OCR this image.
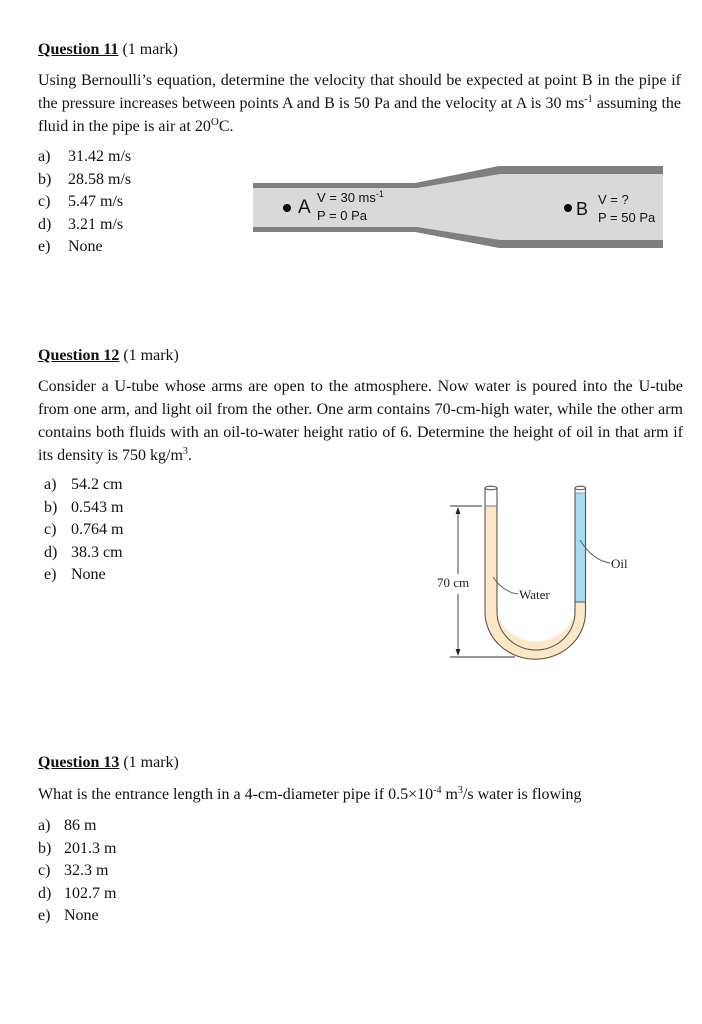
Question 11 (1 mark)
Using Bernoulli’s equation, determine the velocity that should be expected at point B in the pipe if the pressure increases between points A and B is 50 Pa and the velocity at A is 30 $ms^{-1}$ assuming the fluid in the pipe is air at $20^OC$.
a) 31.42 m/s
b) 28.58 m/s
c) 5.47 m/s
d) 3.21 m/s
e) None
A V = 30 $ms^{-1}$
P = 0 Pa	B V = ?
P = 50 Pa
Question 12 (1 mark)
Consider a U-tube whose arms are open to the atmosphere. Now water is poured into the U-tube from one arm, and light oil from the other. One arm contains 70-cm-high water, while the other arm contains both fluids with an oil-to-water height ratio of 6. Determine the height of oil in that arm if its density is 750 $kg/m^3$.
a) 54.2 cm
b) 0.543 m
c) 0.764 m
d) 38.3 cm
e) None	70 cm
Water
Oil
Question 13 (1 mark)
What is the entrance length in a 4-cm-diameter pipe if $0.5\times 10^{-4}$ $m^3/s$ water is flowing
a) 86 m
b) 201.3 m
c) 32.3 m
d) 102.7 m
e) None
